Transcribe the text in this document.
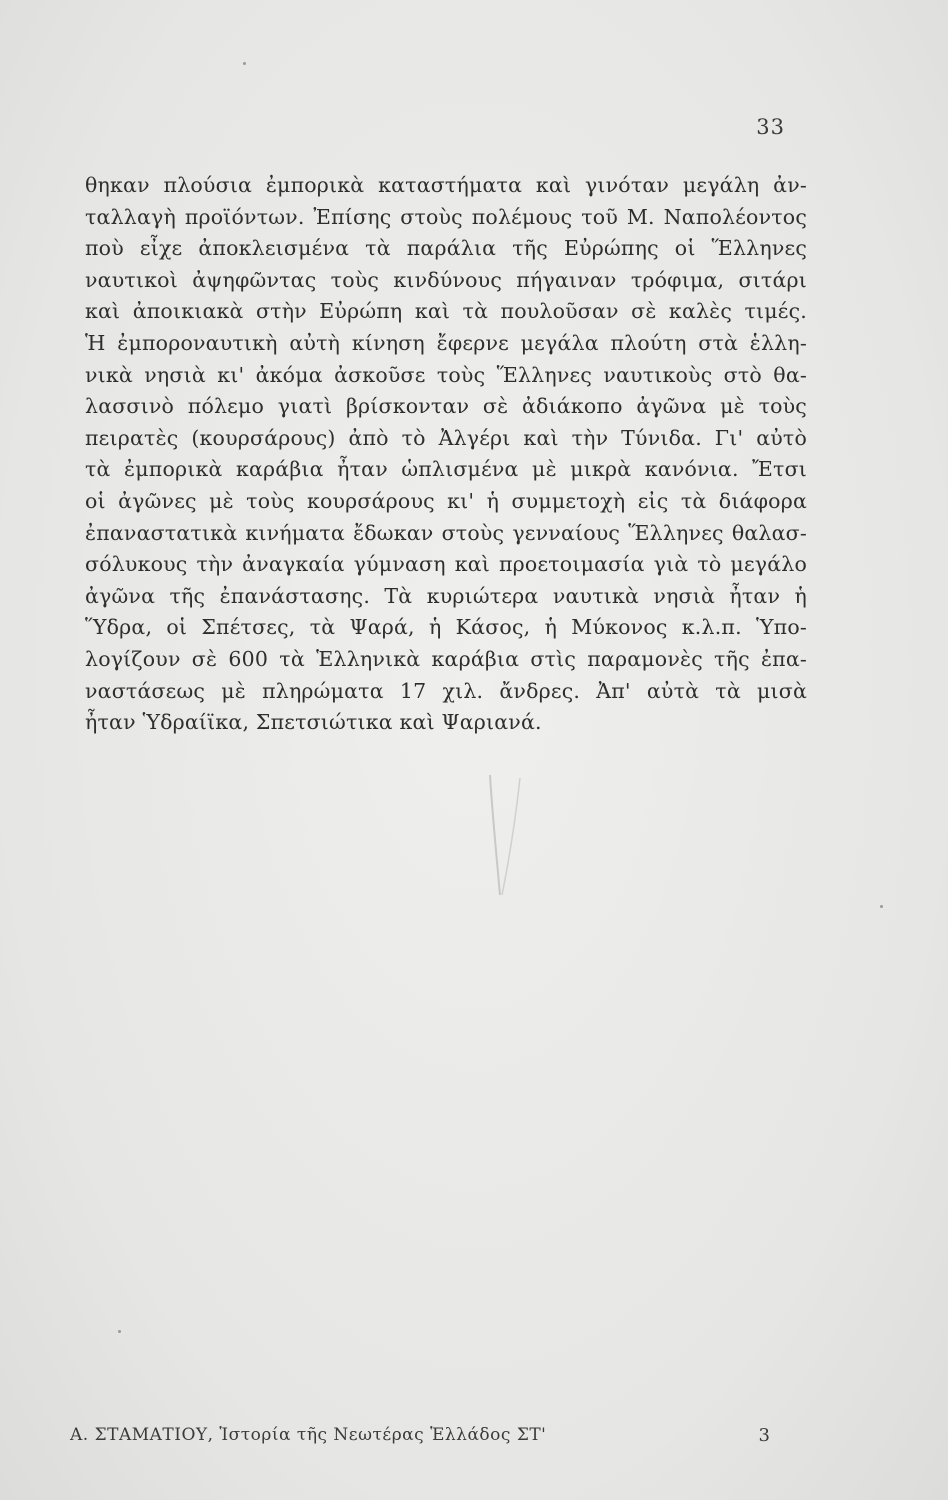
33
θηκαν πλούσια ἐμπορικὰ καταστήματα καὶ γινόταν μεγάλη ἀν-
ταλλαγὴ προϊόντων. Ἐπίσης στοὺς πολέμους τοῦ Μ. Ναπολέοντος
ποὺ εἶχε ἀποκλεισμένα τὰ παράλια τῆς Εὐρώπης οἱ Ἕλληνες
ναυτικοὶ ἀψηφῶντας τοὺς κινδύνους πήγαιναν τρόφιμα, σιτάρι
καὶ ἀποικιακὰ στὴν Εὐρώπη καὶ τὰ πουλοῦσαν σὲ καλὲς τιμές.
Ἡ ἐμποροναυτικὴ αὐτὴ κίνηση ἔφερνε μεγάλα πλούτη στὰ ἑλλη-
νικὰ νησιὰ κι' ἀκόμα ἀσκοῦσε τοὺς Ἕλληνες ναυτικοὺς στὸ θα-
λασσινὸ πόλεμο γιατὶ βρίσκονταν σὲ ἀδιάκοπο ἀγῶνα μὲ τοὺς
πειρατὲς (κουρσάρους) ἀπὸ τὸ Ἀλγέρι καὶ τὴν Τύνιδα. Γι' αὐτὸ
τὰ ἐμπορικὰ καράβια ἦταν ὡπλισμένα μὲ μικρὰ κανόνια. Ἔτσι
οἱ ἀγῶνες μὲ τοὺς κουρσάρους κι' ἡ συμμετοχὴ εἰς τὰ διάφορα
ἐπαναστατικὰ κινήματα ἔδωκαν στοὺς γενναίους Ἕλληνες θαλασ-
σόλυκους τὴν ἀναγκαία γύμναση καὶ προετοιμασία γιὰ τὸ μεγάλο
ἀγῶνα τῆς ἐπανάστασης. Τὰ κυριώτερα ναυτικὰ νησιὰ ἦταν ἡ
Ὕδρα, οἱ Σπέτσες, τὰ Ψαρά, ἡ Κάσος, ἡ Μύκονος κ.λ.π. Ὑπο-
λογίζουν σὲ 600 τὰ Ἑλληνικὰ καράβια στὶς παραμονὲς τῆς ἐπα-
ναστάσεως μὲ πληρώματα 17 χιλ. ἄνδρες. Ἀπ' αὐτὰ τὰ μισὰ
ἦταν Ὑδραίϊκα, Σπετσιώτικα καὶ Ψαριανά.
Α. ΣΤΑΜΑΤΙΟΥ, Ἱστορία τῆς Νεωτέρας Ἑλλάδος ΣΤ'	3
